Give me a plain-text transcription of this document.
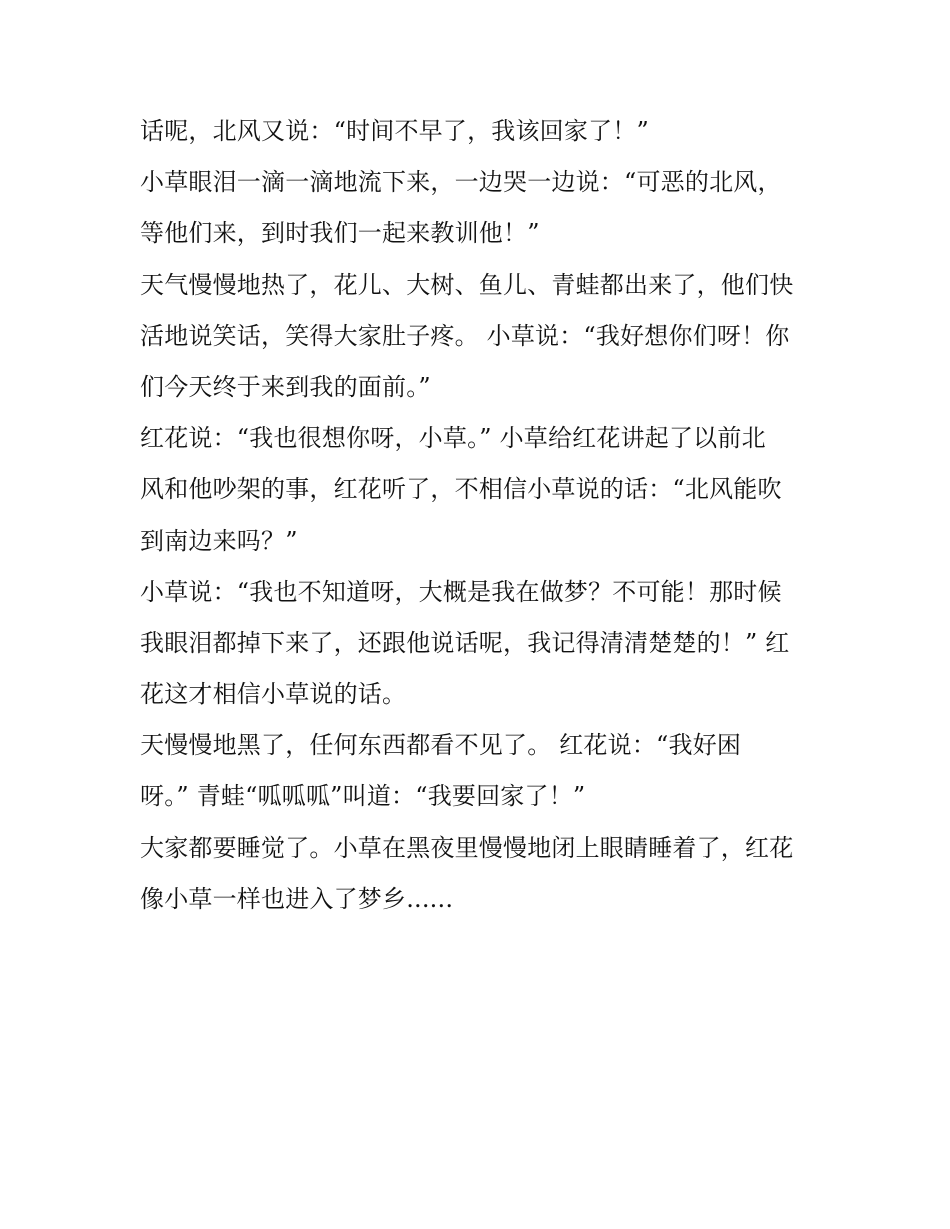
话呢，北风又说：“时间不早了，我该回家了！”
小草眼泪一滴一滴地流下来，一边哭一边说：“可恶的北风，
等他们来，到时我们一起来教训他！”
天气慢慢地热了，花儿、大树、鱼儿、青蛙都出来了，他们快
活地说笑话，笑得大家肚子疼。 小草说：“我好想你们呀！你
们今天终于来到我的面前。”
红花说：“我也很想你呀，小草。” 小草给红花讲起了以前北
风和他吵架的事，红花听了，不相信小草说的话：“北风能吹
到南边来吗？”
小草说：“我也不知道呀，大概是我在做梦？不可能！那时候
我眼泪都掉下来了，还跟他说话呢，我记得清清楚楚的！” 红
花这才相信小草说的话。
天慢慢地黑了，任何东西都看不见了。 红花说：“我好困
呀。” 青蛙“呱呱呱”叫道：“我要回家了！”
大家都要睡觉了。小草在黑夜里慢慢地闭上眼睛睡着了，红花
像小草一样也进入了梦乡......
